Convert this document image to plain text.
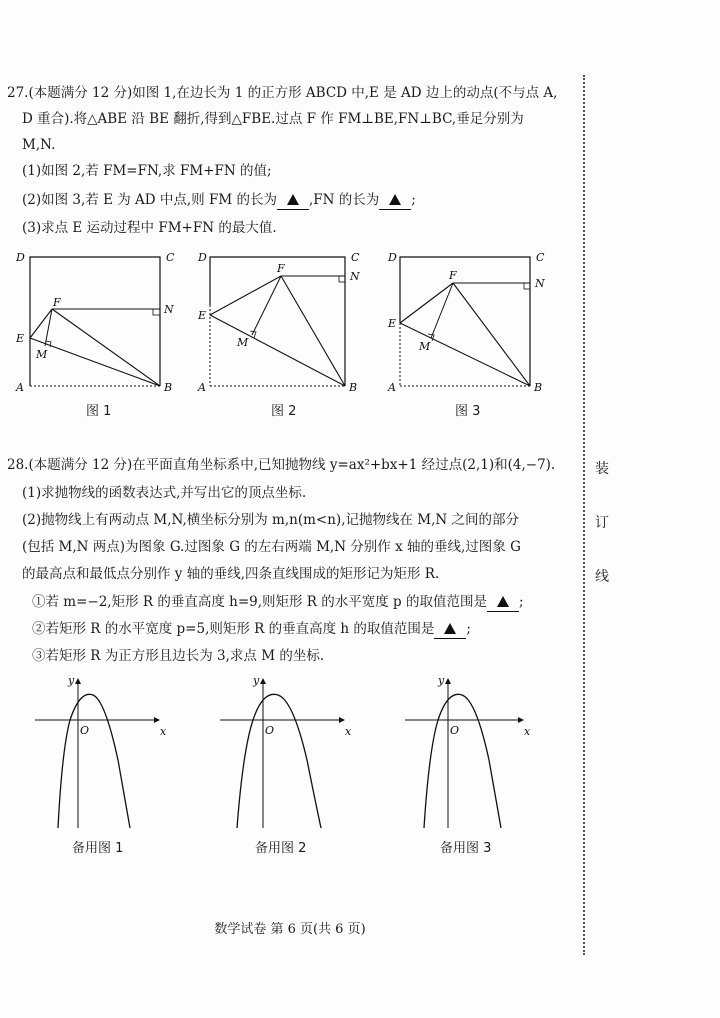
27.(本题满分 12 分)如图 1,在边长为 1 的正方形 ABCD 中,E 是 AD 边上的动点(不与点 A,
D 重合).将△ABE 沿 BE 翻折,得到△FBE.过点 F 作 FM⊥BE,FN⊥BC,垂足分别为
M,N.
(1)如图 2,若 FM=FN,求 FM+FN 的值;
(2)如图 3,若 E 为 AD 中点,则 FM 的长为 ,FN 的长为 ;
(3)求点 E 运动过程中 FM+FN 的最大值.
D	C
A	B
E
F
N
M
图 1
D	C
A	B
E
F
N
M
图 2
D	C
A	B
E
F
N
M
图 3
28.(本题满分 12 分)在平面直角坐标系中,已知抛物线 y=ax²+bx+1 经过点(2,1)和(4,−7).
(1)求抛物线的函数表达式,并写出它的顶点坐标.
(2)抛物线上有两动点 M,N,横坐标分别为 m,n(m<n),记抛物线在 M,N 之间的部分
(包括 M,N 两点)为图象 G.过图象 G 的左右两端 M,N 分别作 x 轴的垂线,过图象 G
的最高点和最低点分别作 y 轴的垂线,四条直线围成的矩形记为矩形 R.
①若 m=−2,矩形 R 的垂直高度 h=9,则矩形 R 的水平宽度 p 的取值范围是 ;
②若矩形 R 的水平宽度 p=5,则矩形 R 的垂直高度 h 的取值范围是 ;
③若矩形 R 为正方形且边长为 3,求点 M 的坐标.
y
x
O
备用图 1
y
x
O
备用图 2
y
x
O
备用图 3
装
订
线
数学试卷 第 6 页(共 6 页)
